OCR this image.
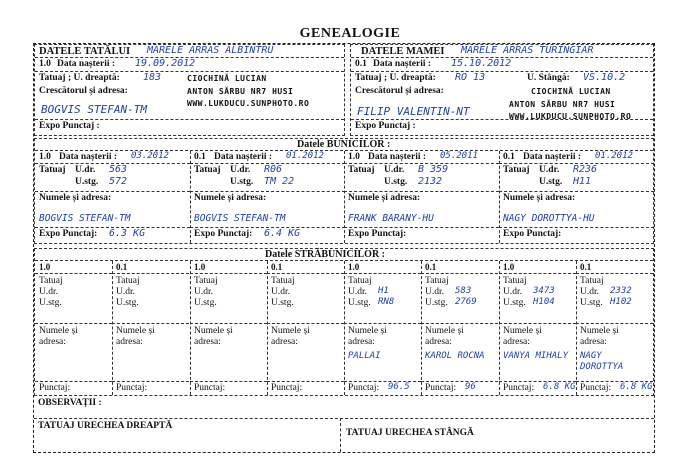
GENEALOGIE
DATELE TATĂLUI MARELE ARRAS ALBINTRU
1.0 Data nașterii : 19.09.2012
Tatuaj ; U. dreaptă: 183
Crescătorul și adresa:
CIOCHINĂ LUCIAN
ANTON SĂRBU NR7 HUSI
WWW.LUKDUCU.SUNPHOTO.RO
BOGVIS STEFAN-TM
Expo Punctaj :
DATELE MAMEI MARELE ARRAS TURINGIAR
0.1 Data nașterii : 15.10.2012
Tatuaj ; U. dreaptă: RO 13	U. Stângă: VS.10.2
Crescătorul și adresa:	CIOCHINĂ LUCIAN
ANTON SĂRBU NR7 HUSI
WWW.LUKDUCU.SUNPHOTO.RO
FILIP VALENTIN-NT
Expo Punctaj :
Datele BUNICILOR :
1.0 Data nașterii : 03.2012
Tatuaj U.dr. 563
U.stg. 572
Numele și adresa:
BOGVIS STEFAN-TM
Expo Punctaj: 6.3 KG
0.1 Data nașterii : 01.2012
Tatuaj U.dr. R06
U.stg. TM 22
Numele și adresa:
BOGVIS STEFAN-TM
Expo Punctaj: 6.4 KG
1.0 Data nașterii : 05.2011
Tatuaj U.dr. B 359
U.stg. 2132
Numele și adresa:
FRANK BARANY-HU
Expo Punctaj:
0.1 Data nașterii : 01.2012
Tatuaj U.dr. R236
U.stg. H11
Numele și adresa:
NAGY DOROTTYA-HU
Expo Punctaj:
Datele STRĂBUNICILOR :
1.0
Tatuaj
U.dr.
U.stg.
Numele și
adresa:
Punctaj:
0.1
Tatuaj
U.dr.
U.stg.
Numele și
adresa:
Punctaj:
1.0
Tatuaj
U.dr.
U.stg.
Numele și
adresa:
Punctaj:
0.1
Tatuaj
U.dr.
U.stg.
Numele și
adresa:
Punctaj:
1.0
Tatuaj
U.dr. H1
U.stg. RN8
Numele și
adresa:
PALLAI
Punctaj: 96.5
0.1
Tatuaj
U.dr. 583
U.stg. 2769
Numele și
adresa:
KAROL ROCNA
Punctaj: 96
1.0
Tatuaj
U.dr. 3473
U.stg. H104
Numele și
adresa:
VANYA MIHALY
Punctaj: 6.8 KG
0.1
Tatuaj
U.dr. 2332
U.stg. H102
Numele și
adresa:
NAGY DOROTTYA
Punctaj: 6.8 KG
OBSERVAȚII :
TATUAJ URECHEA DREAPTĂ
TATUAJ URECHEA STÂNGĂ
